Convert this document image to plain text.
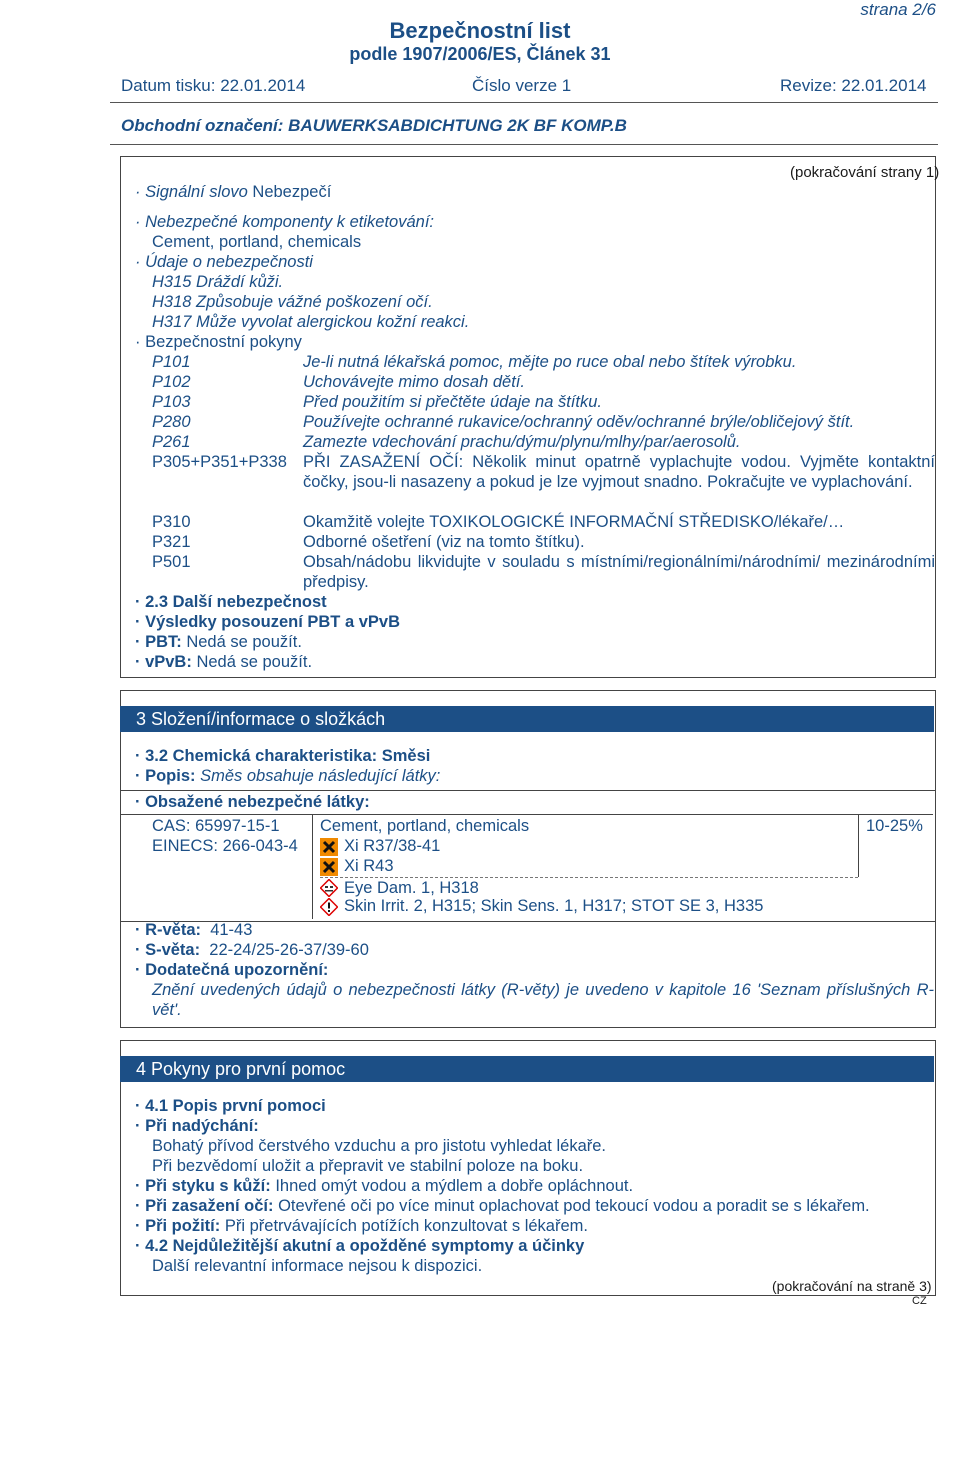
strana 2/6
Bezpečnostní list
podle 1907/2006/ES, Článek 31
Datum tisku: 22.01.2014	Číslo verze 1	Revize: 22.01.2014
Obchodní označení: BAUWERKSABDICHTUNG 2K BF KOMP.B
(pokračování strany 1)
· Signální slovo Nebezpečí
· Nebezpečné komponenty k etiketování:
Cement, portland, chemicals
· Údaje o nebezpečnosti
H315 Dráždí kůži.
H318 Způsobuje vážné poškození očí.
H317 Může vyvolat alergickou kožní reakci.
· Bezpečnostní pokyny
P101	Je-li nutná lékařská pomoc, mějte po ruce obal nebo štítek výrobku.
P102	Uchovávejte mimo dosah dětí.
P103	Před použitím si přečtěte údaje na štítku.
P280	Používejte ochranné rukavice/ochranný oděv/ochranné brýle/obličejový štít.
P261	Zamezte vdechování prachu/dýmu/plynu/mlhy/par/aerosolů.
P305+P351+P338 PŘI ZASAŽENÍ OČÍ: Několik minut opatrně vyplachujte vodou. Vyjměte kontaktní čočky, jsou-li nasazeny a pokud je lze vyjmout snadno. Pokračujte ve vyplachování.
P310	Okamžitě volejte TOXIKOLOGICKÉ INFORMAČNÍ STŘEDISKO/lékaře/…
P321	Odborné ošetření (viz na tomto štítku).
P501	Obsah/nádobu likvidujte v souladu s místními/regionálními/národními/ mezinárodními předpisy.
· 2.3 Další nebezpečnost
· Výsledky posouzení PBT a vPvB
· PBT: Nedá se použít.
· vPvB: Nedá se použít.
3 Složení/informace o složkách
· 3.2 Chemická charakteristika: Směsi
· Popis: Směs obsahuje následující látky:
· Obsažené nebezpečné látky:
CAS: 65997-15-1
EINECS: 266-043-4
Cement, portland, chemicals	10-25%
Xi R37/38-41
Xi R43
Eye Dam. 1, H318
Skin Irrit. 2, H315; Skin Sens. 1, H317; STOT SE 3, H335
· R-věta: 41-43
· S-věta: 22-24/25-26-37/39-60
· Dodatečná upozornění:
Znění uvedených údajů o nebezpečnosti látky (R-věty) je uvedeno v kapitole 16 'Seznam příslušných R-vět'.
4 Pokyny pro první pomoc
· 4.1 Popis první pomoci
· Při nadýchání:
Bohatý přívod čerstvého vzduchu a pro jistotu vyhledat lékaře.
Při bezvědomí uložit a přepravit ve stabilní poloze na boku.
· Při styku s kůží: Ihned omýt vodou a mýdlem a dobře opláchnout.
· Při zasažení očí: Otevřené oči po více minut oplachovat pod tekoucí vodou a poradit se s lékařem.
· Při požití: Při přetrvávajících potížích konzultovat s lékařem.
· 4.2 Nejdůležitější akutní a opožděné symptomy a účinky
Další relevantní informace nejsou k dispozici.
(pokračování na straně 3)
CZ
